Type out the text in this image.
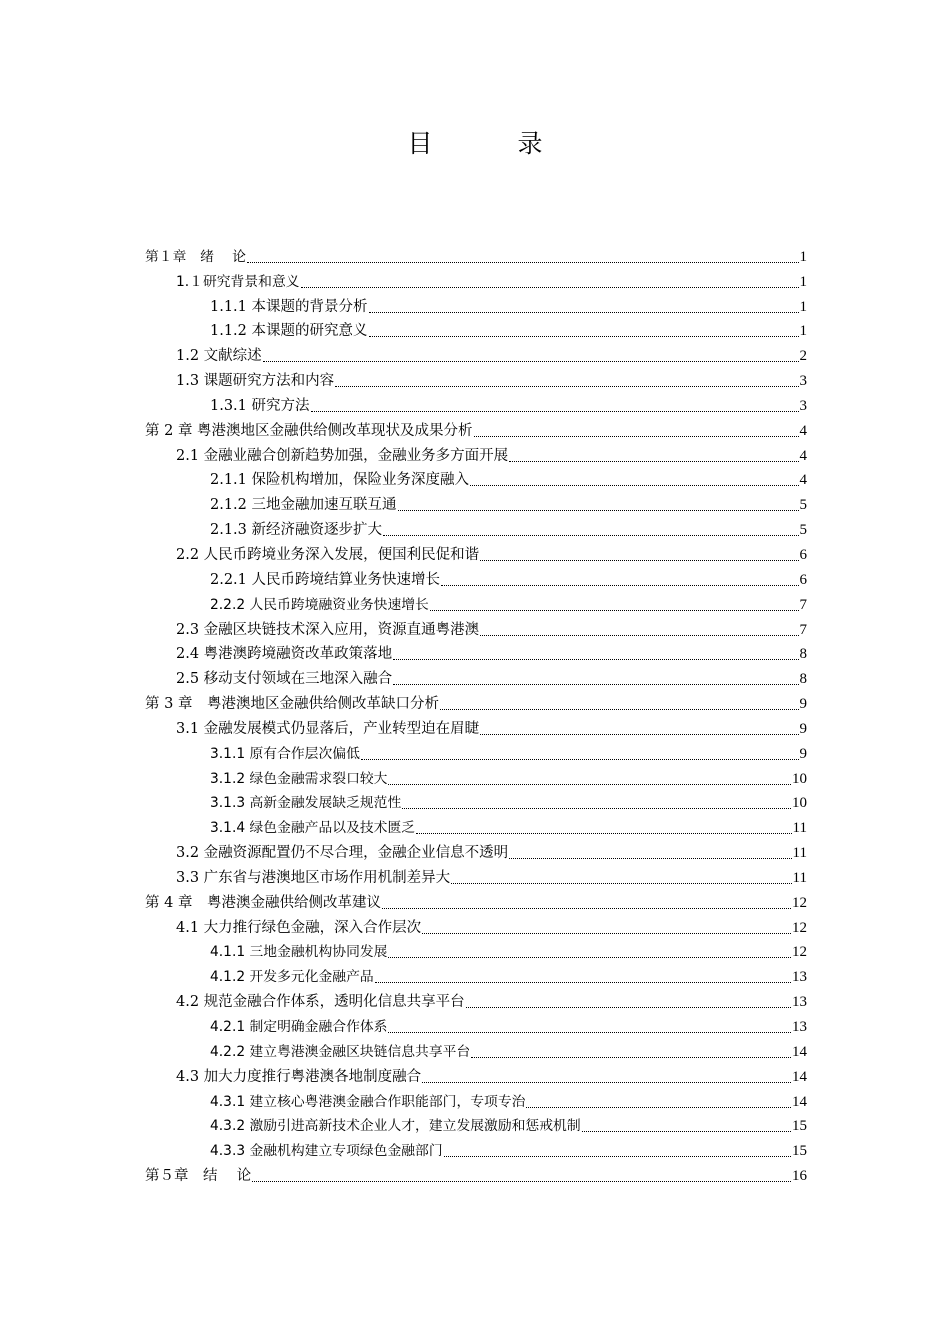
目　录
第１章　绪　 论	1
1.１研究背景和意义	1
1.1.1 本课题的背景分析	1
1.1.2 本课题的研究意义	1
1.2 文献综述	2
1.3 课题研究方法和内容	3
1.3.1 研究方法	3
第 2 章 粤港澳地区金融供给侧改革现状及成果分析	4
2.1 金融业融合创新趋势加强，金融业务多方面开展	4
2.1.1 保险机构增加，保险业务深度融入	4
2.1.2 三地金融加速互联互通	5
2.1.3 新经济融资逐步扩大	5
2.2 人民币跨境业务深入发展，便国利民促和谐	6
2.2.1 人民币跨境结算业务快速增长	6
2.2.2 人民币跨境融资业务快速增长	7
2.3 金融区块链技术深入应用，资源直通粤港澳	7
2.4 粤港澳跨境融资改革政策落地	8
2.5 移动支付领域在三地深入融合	8
第 3 章　粤港澳地区金融供给侧改革缺口分析	9
3.1 金融发展模式仍显落后，产业转型迫在眉睫	9
3.1.1 原有合作层次偏低	9
3.1.2 绿色金融需求裂口较大	10
3.1.3 高新金融发展缺乏规范性	10
3.1.4 绿色金融产品以及技术匮乏	11
3.2 金融资源配置仍不尽合理，金融企业信息不透明	11
3.3 广东省与港澳地区市场作用机制差异大	11
第 4 章　粤港澳金融供给侧改革建议	12
4.1 大力推行绿色金融，深入合作层次	12
4.1.1 三地金融机构协同发展	12
4.1.2 开发多元化金融产品	13
4.2 规范金融合作体系，透明化信息共享平台	13
4.2.1 制定明确金融合作体系	13
4.2.2 建立粤港澳金融区块链信息共享平台	14
4.3 加大力度推行粤港澳各地制度融合	14
4.3.1 建立核心粤港澳金融合作职能部门，专项专治	14
4.3.2 激励引进高新技术企业人才，建立发展激励和惩戒机制	15
4.3.3 金融机构建立专项绿色金融部门	15
第５章　结　 论	16
